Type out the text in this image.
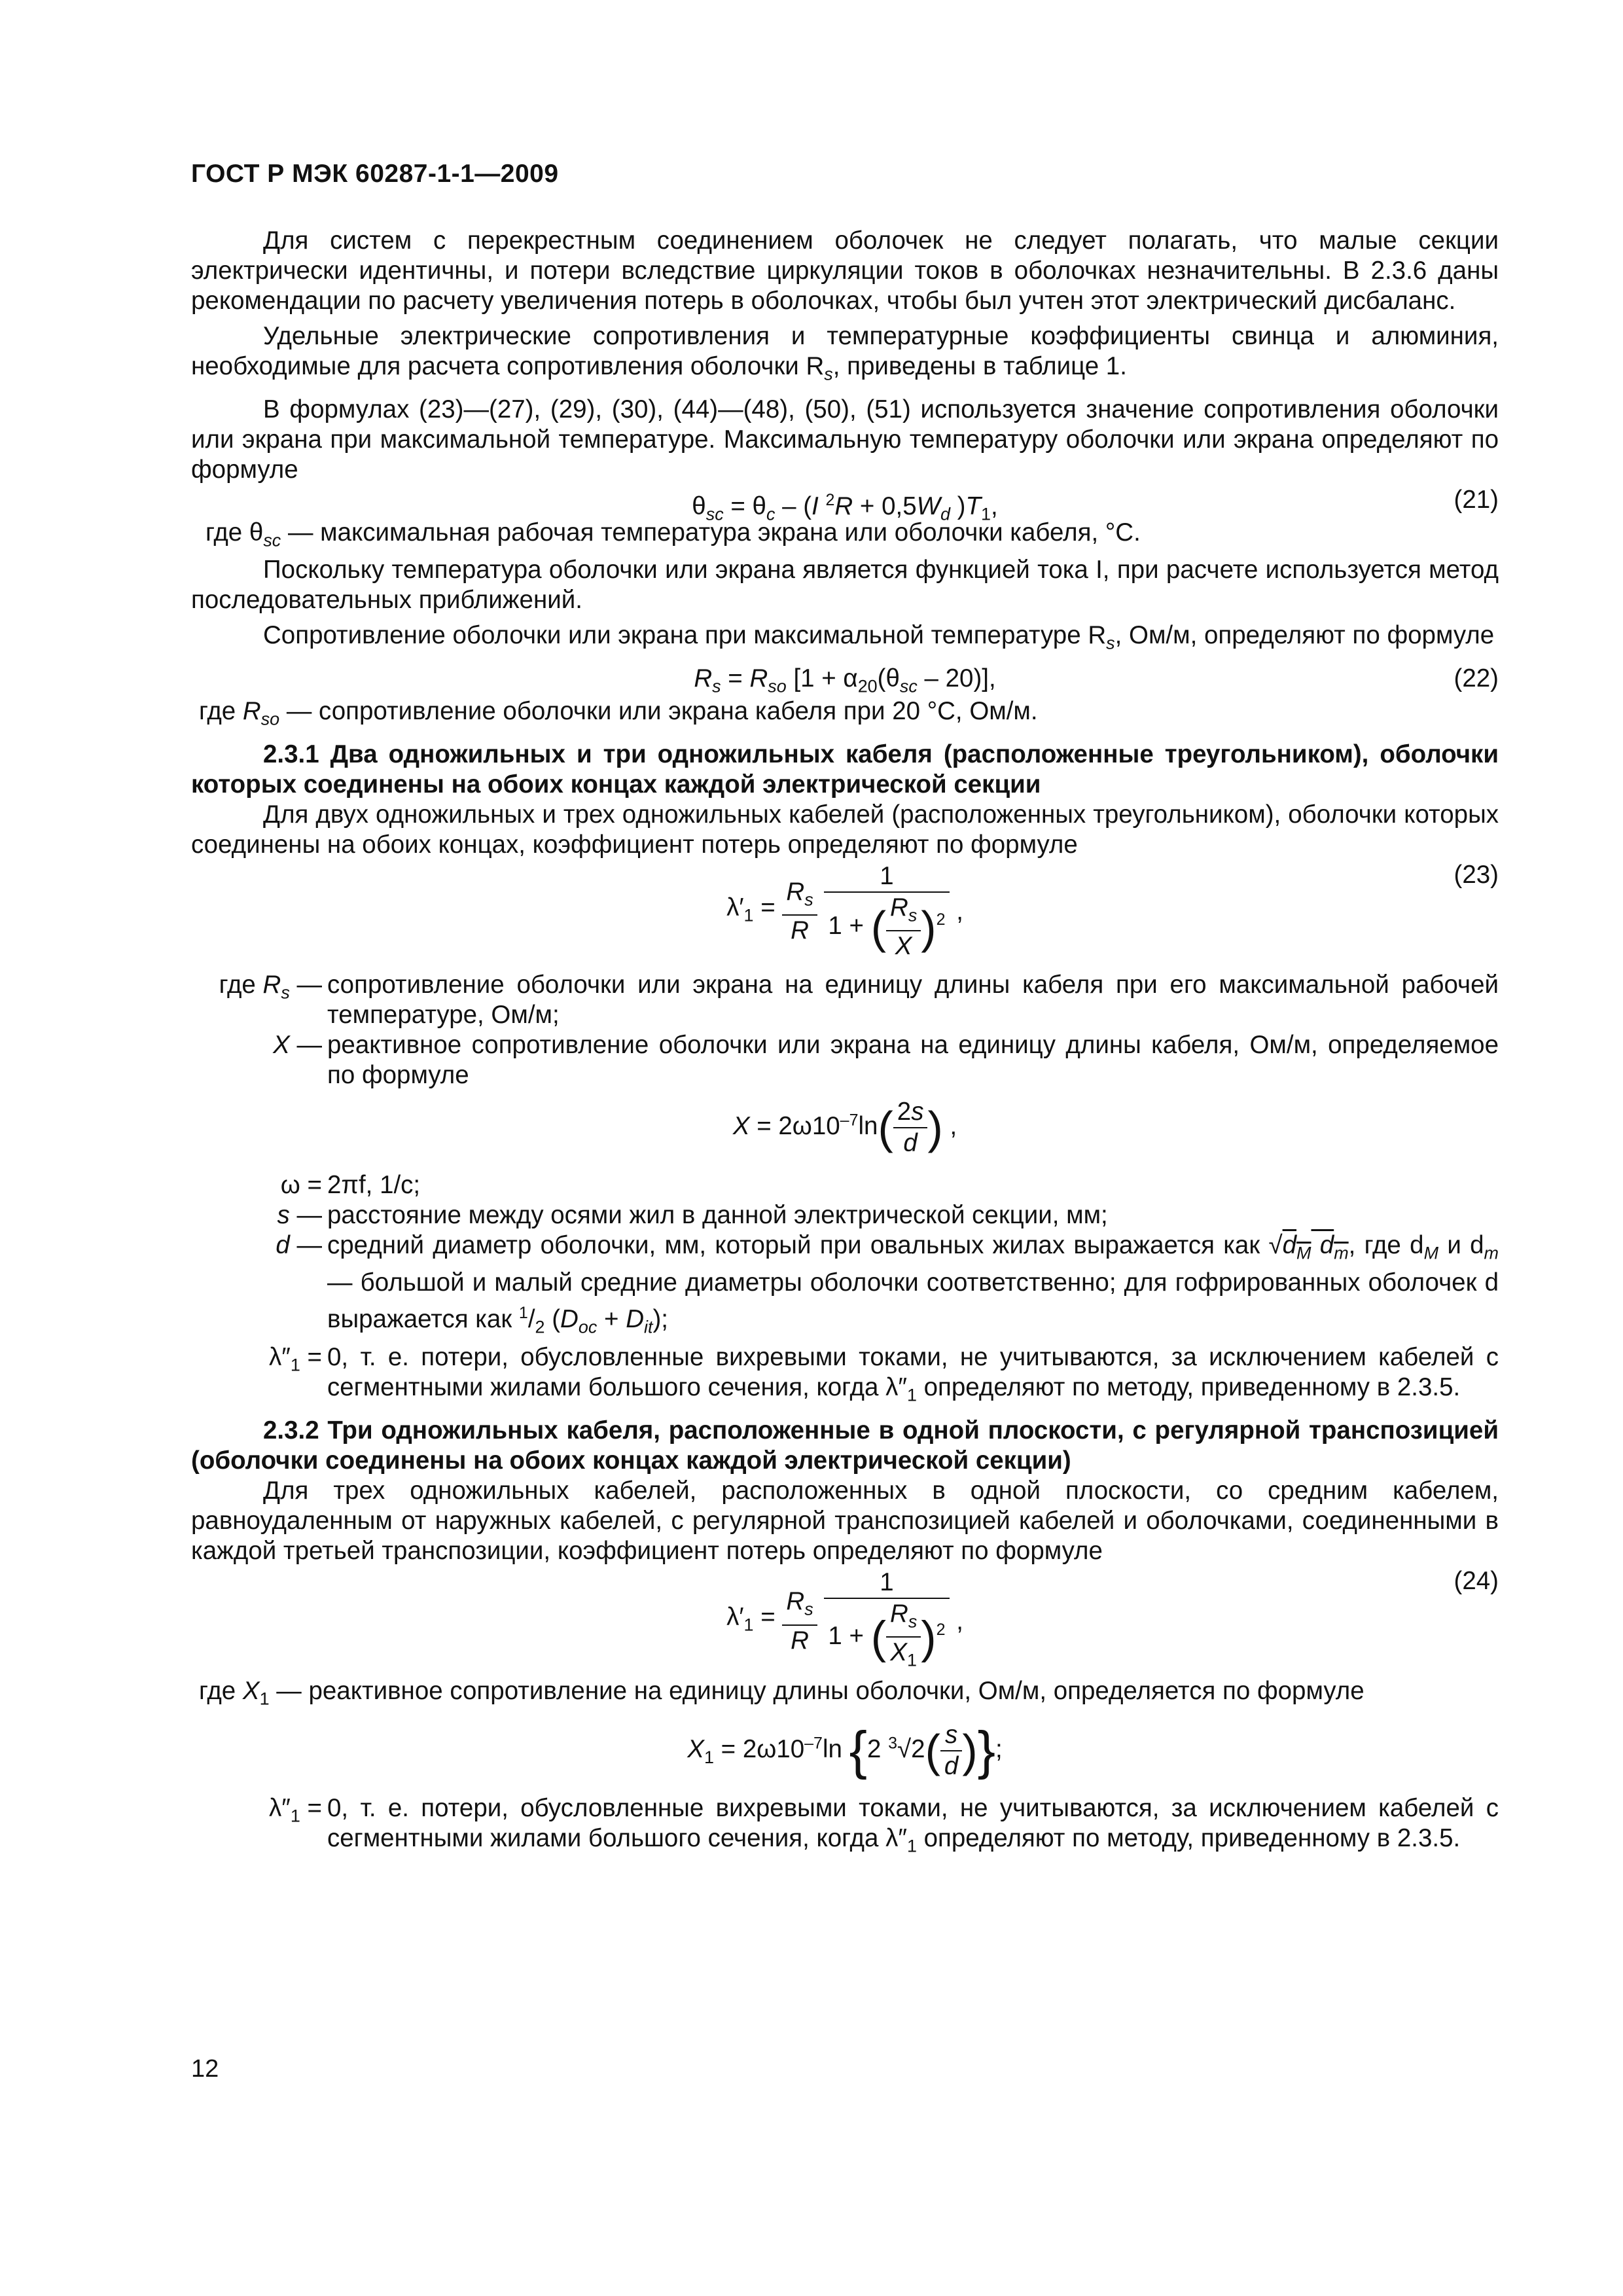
ГОСТ Р МЭК 60287-1-1—2009

Для систем с перекрестным соединением оболочек не следует полагать, что малые секции электрически идентичны, и потери вследствие циркуляции токов в оболочках незначительны. В 2.3.6 даны рекомендации по расчету увеличения потерь в оболочках, чтобы был учтен этот электрический дисбаланс.

Удельные электрические сопротивления и температурные коэффициенты свинца и алюминия, необходимые для расчета сопротивления оболочки $R_s$, приведены в таблице 1.

В формулах (23)—(27), (29), (30), (44)—(48), (50), (51) используется значение сопротивления оболочки или экрана при максимальной температуре. Максимальную температуру оболочки или экрана определяют по формуле

$\theta_{sc} = \theta_c - (I$ $^2R + 0,5W_d$ )$T_1$,	(21)

где $\theta_{sc}$ — максимальная рабочая температура экрана или оболочки кабеля, °C.

Поскольку температура оболочки или экрана является функцией тока I, при расчете используется метод последовательных приближений.

Сопротивление оболочки или экрана при максимальной температуре $R_s$, Ом/м, определяют по формуле

$R_s = R_{so}$ $[1 + \alpha_{20}(\theta_{sc} - 20)]$,	(22)

где $R_{so}$ — сопротивление оболочки или экрана кабеля при 20 °C, Ом/м.

2.3.1 Два одножильных и три одножильных кабеля (расположенные треугольником), оболочки которых соединены на обоих концах каждой электрической секции

Для двух одножильных и трех одножильных кабелей (расположенных треугольником), оболочки которых соединены на обоих концах, коэффициент потерь определяют по формуле

$\lambda'_1 = \frac{R_s}{R}$
$\frac{1}{1 + ( \frac{R_s}{X} )^2}$ ,
(23)
где $R_s$ — сопротивление оболочки или экрана на единицу длины кабеля при его максимальной рабочей температуре, Ом/м;
X — реактивное сопротивление оболочки или экрана на единицу длины кабеля, Ом/м, определяемое по формуле
$X = 2\omega 10^{-7}\ln( \frac{2s}{d}$ ) ,
ω = 2πf, 1/с;
s — расстояние между осями жил в данной электрической секции, мм;
d — средний диаметр оболочки, мм, который при овальных жилах выражается как $√d_M$ $d_m$, где $d_M$ и $d_m$ — большой и малый средние диаметры оболочки соответственно; для гофрированных оболочек d выражается как $^1/_2$ $(D_{oc} + D_{it})$;
$\lambda''_1 = 0$, т. е. потери, обусловленные вихревыми токами, не учитываются, за исключением кабелей с сегментными жилами большого сечения, когда $\lambda''_1$ определяют по методу, приведенному в 2.3.5.

2.3.2 Три одножильных кабеля, расположенные в одной плоскости, с регулярной транспозицией (оболочки соединены на обоих концах каждой электрической секции)

Для трех одножильных кабелей, расположенных в одной плоскости, со средним кабелем, равноудаленным от наружных кабелей, с регулярной транспозицией кабелей и оболочками, соединенными в каждой третьей транспозиции, коэффициент потерь определяют по формуле

$\lambda'_1 = \frac{R_s}{R}$
$\frac{1}{1 + ( \frac{R_s}{X_1} )^2}$ ,
(24)

где $X_1$ — реактивное сопротивление на единицу длины оболочки, Ом/м, определяется по формуле

$X_1 = 2\omega 10^{-7}\ln$ {2 $^3√2( \frac{s}{d}$ )};
$\lambda''_1 = 0$, т. е. потери, обусловленные вихревыми токами, не учитываются, за исключением кабелей с сегментными жилами большого сечения, когда $\lambda''_1$ определяют по методу, приведенному в 2.3.5.
12
